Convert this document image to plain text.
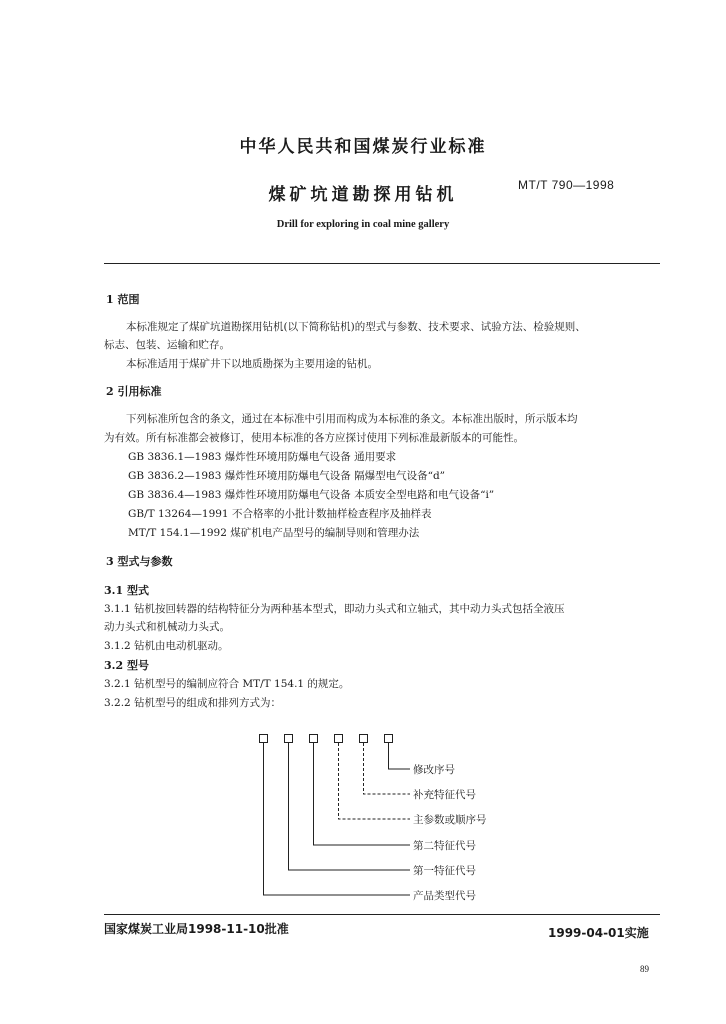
中华人民共和国煤炭行业标准
煤矿坑道勘探用钻机	MT/T 790—1998
Drill for exploring in coal mine gallery
1 范围
本标准规定了煤矿坑道勘探用钻机(以下简称钻机)的型式与参数、技术要求、试验方法、检验规则、
标志、包装、运输和贮存。
本标准适用于煤矿井下以地质勘探为主要用途的钻机。
2 引用标准
下列标准所包含的条文，通过在本标准中引用而构成为本标准的条文。本标准出版时，所示版本均
为有效。所有标准都会被修订，使用本标准的各方应探讨使用下列标准最新版本的可能性。
GB 3836.1—1983 爆炸性环境用防爆电气设备 通用要求
GB 3836.2—1983 爆炸性环境用防爆电气设备 隔爆型电气设备“d”
GB 3836.4—1983 爆炸性环境用防爆电气设备 本质安全型电路和电气设备“i”
GB/T 13264—1991 不合格率的小批计数抽样检查程序及抽样表
MT/T 154.1—1992 煤矿机电产品型号的编制导则和管理办法
3 型式与参数
3.1 型式
3.1.1 钻机按回转器的结构特征分为两种基本型式，即动力头式和立轴式，其中动力头式包括全液压
动力头式和机械动力头式。
3.1.2 钻机由电动机驱动。
3.2 型号
3.2.1 钻机型号的编制应符合 MT/T 154.1 的规定。
3.2.2 钻机型号的组成和排列方式为：
修改序号
补充特征代号
主参数或顺序号
第二特征代号
第一特征代号
产品类型代号
国家煤炭工业局1998-11-10批准	1999-04-01实施
89
